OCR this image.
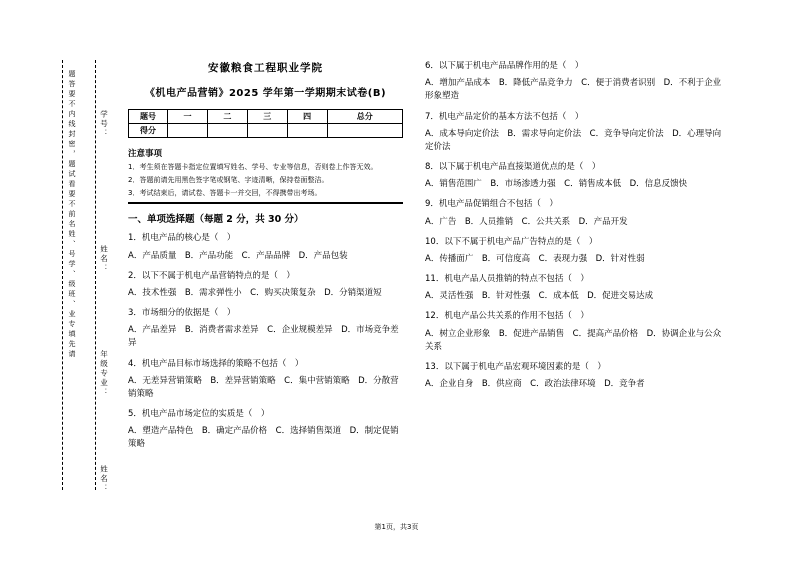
题答要不内线封密，题试看要不前名姓、号学、级班、业专填先请	学号：
姓名：
年级专业：
姓名：
安徽粮食工程职业学院
《机电产品营销》2025 学年第一学期期末试卷(B)
题号	一	二	三	四	总分
得分					
注意事项
1．考生须在答题卡指定位置填写姓名、学号、专业等信息，否则卷上作答无效。
2．答题前请先用黑色签字笔或钢笔、字迹清晰，保持卷面整洁。
3．考试结束后，请试卷、答题卡一并交回，不得携带出考场。
一、单项选择题（每题 2 分，共 30 分）
1．机电产品的核心是（　）
A．产品质量　B．产品功能　C．产品品牌　D．产品包装
2．以下不属于机电产品营销特点的是（　）
A．技术性强　B．需求弹性小　C．购买决策复杂　D．分销渠道短
3．市场细分的依据是（　）
A．产品差异　B．消费者需求差异　C．企业规模差异　D．市场竞争差异
4．机电产品目标市场选择的策略不包括（　）
A．无差异营销策略　B．差异营销策略　C．集中营销策略　D．分散营销策略
5．机电产品市场定位的实质是（　）
A．塑造产品特色　B．确定产品价格　C．选择销售渠道　D．制定促销策略
6．以下属于机电产品品牌作用的是（　）
A．增加产品成本　B．降低产品竞争力　C．便于消费者识别　D．不利于企业形象塑造
7．机电产品定价的基本方法不包括（　）
A．成本导向定价法　B．需求导向定价法　C．竞争导向定价法　D．心理导向定价法
8．以下属于机电产品直接渠道优点的是（　）
A．销售范围广　B．市场渗透力强　C．销售成本低　D．信息反馈快
9．机电产品促销组合不包括（　）
A．广告　B．人员推销　C．公共关系　D．产品开发
10．以下不属于机电产品广告特点的是（　）
A．传播面广　B．可信度高　C．表现力强　D．针对性弱
11．机电产品人员推销的特点不包括（　）
A．灵活性强　B．针对性强　C．成本低　D．促进交易达成
12．机电产品公共关系的作用不包括（　）
A．树立企业形象　B．促进产品销售　C．提高产品价格　D．协调企业与公众关系
13．以下属于机电产品宏观环境因素的是（　）
A．企业自身　B．供应商　C．政治法律环境　D．竞争者
第1页，共3页
